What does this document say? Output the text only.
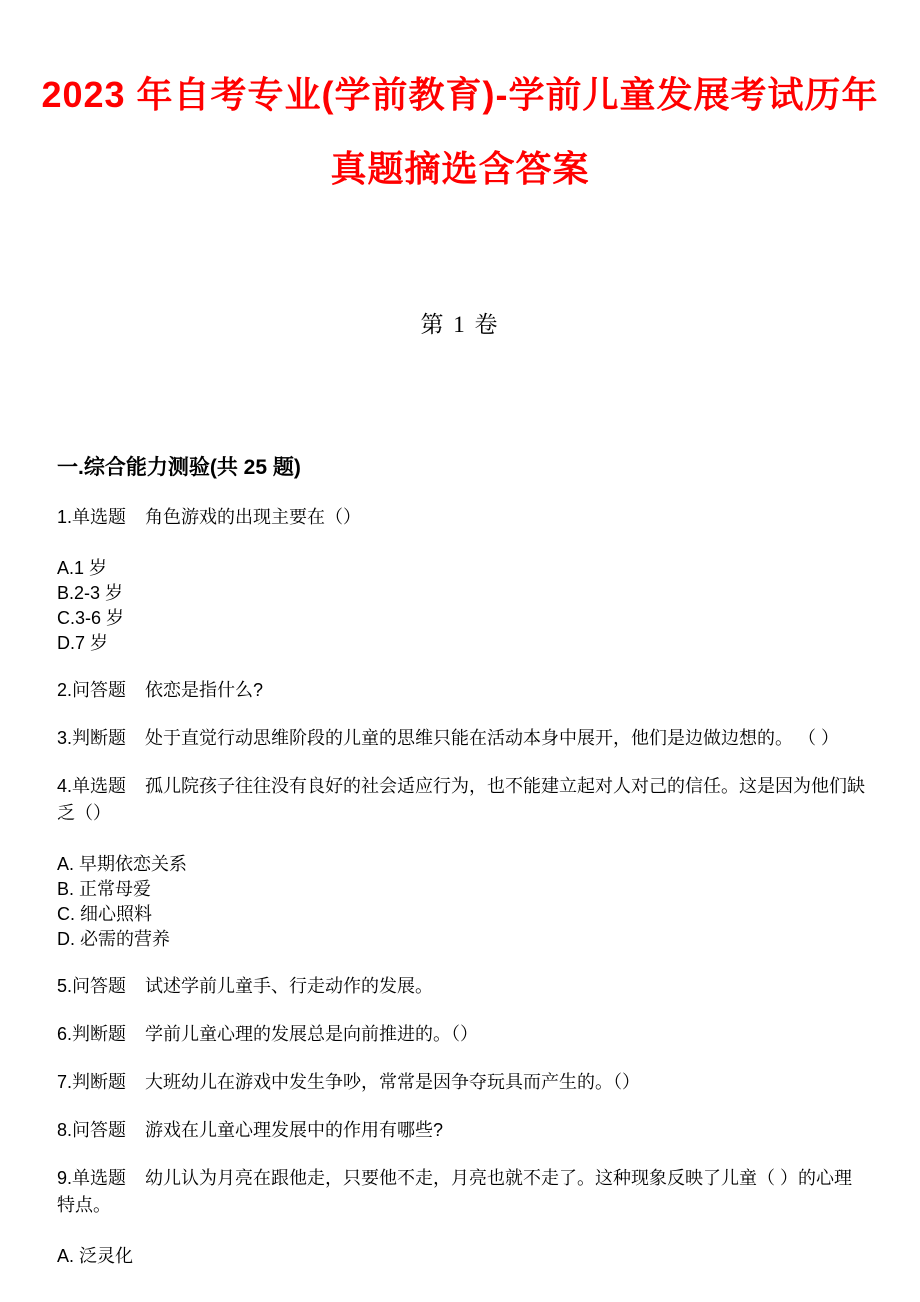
2023 年自考专业(学前教育)-学前儿童发展考试历年真题摘选含答案
第 1 卷
一.综合能力测验(共 25 题)

1.单选题 角色游戏的出现主要在（）

A.1 岁
B.2-3 岁
C.3-6 岁
D.7 岁

2.问答题 依恋是指什么?

3.判断题 处于直觉行动思维阶段的儿童的思维只能在活动本身中展开，他们是边做边想的。 （ ）

4.单选题 孤儿院孩子往往没有良好的社会适应行为，也不能建立起对人对己的信任。这是因为他们缺乏（）

A. 早期依恋关系
B. 正常母爱
C. 细心照料
D. 必需的营养

5.问答题 试述学前儿童手、行走动作的发展。

6.判断题 学前儿童心理的发展总是向前推进的。（）

7.判断题 大班幼儿在游戏中发生争吵，常常是因争夺玩具而产生的。（）

8.问答题 游戏在儿童心理发展中的作用有哪些?

9.单选题 幼儿认为月亮在跟他走，只要他不走，月亮也就不走了。这种现象反映了儿童（ ）的心理特点。

A. 泛灵化
